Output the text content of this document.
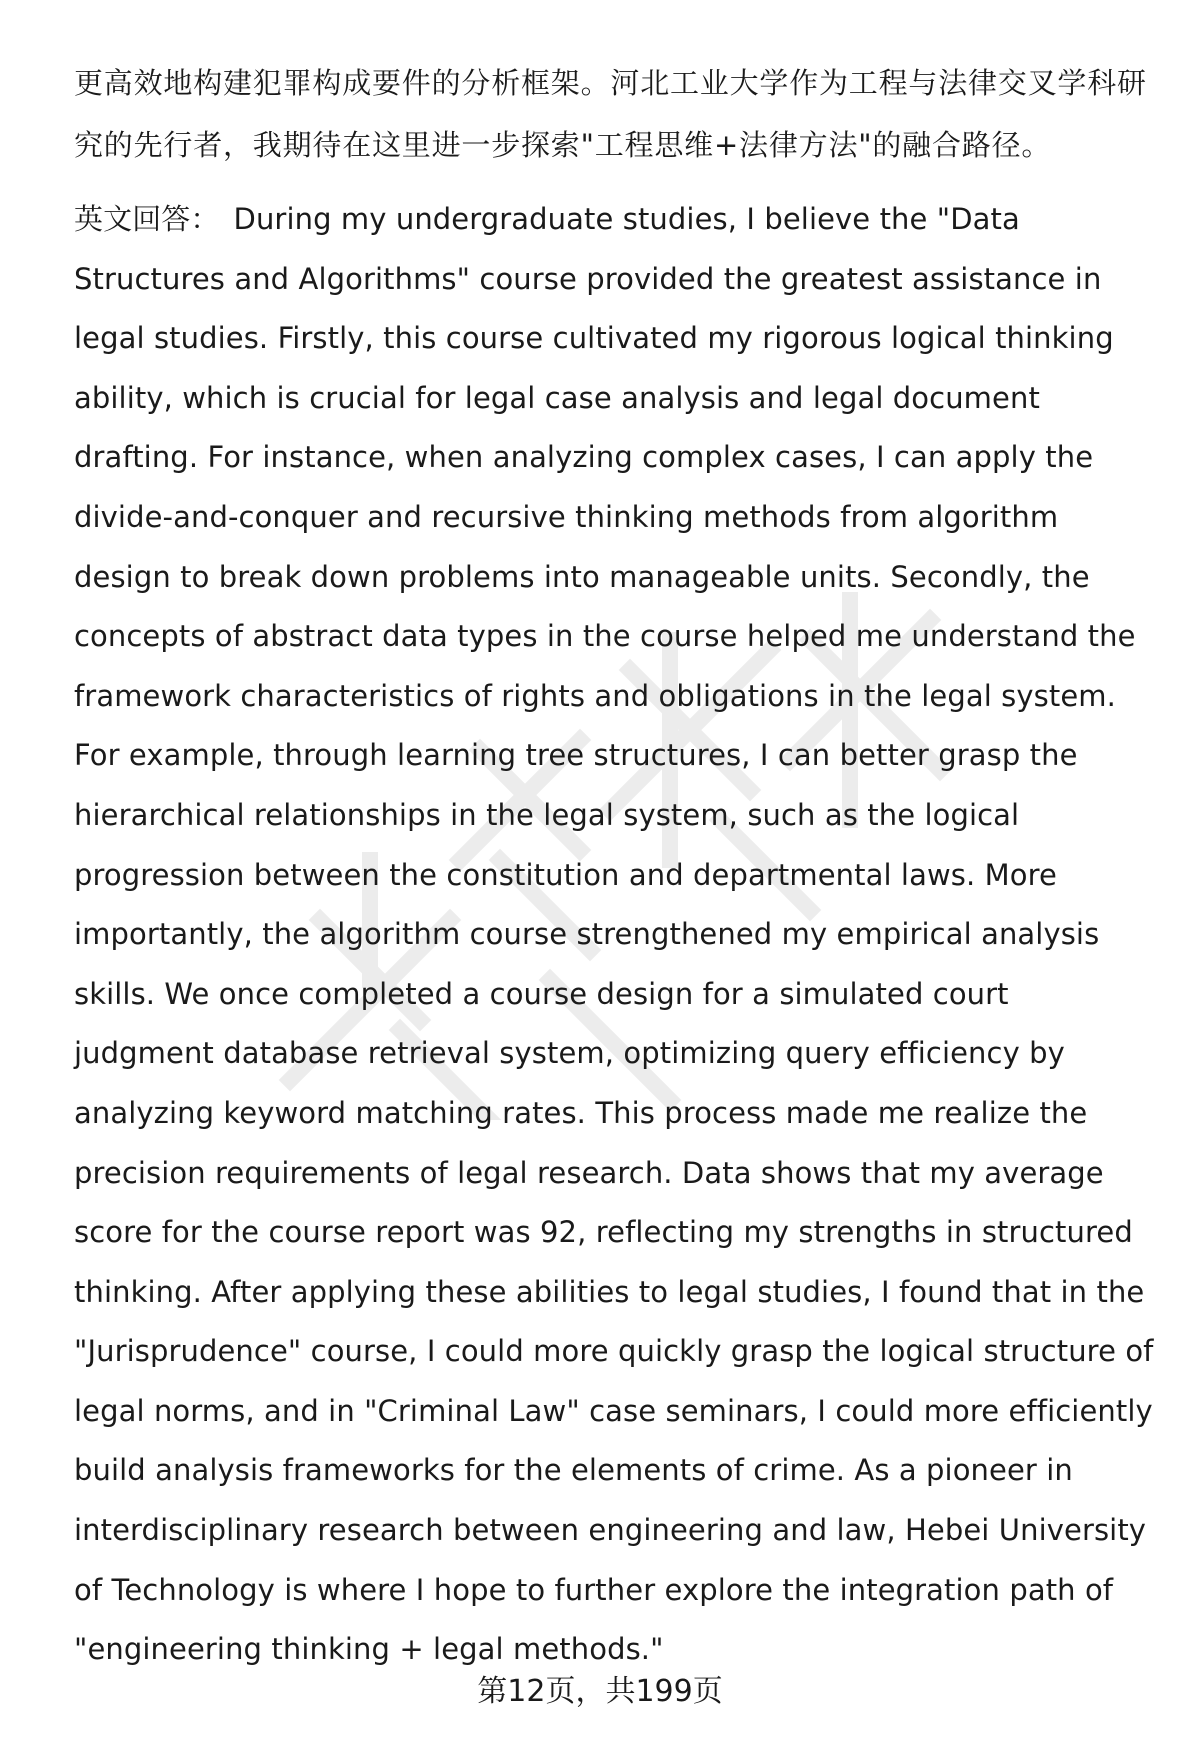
更高效地构建犯罪构成要件的分析框架。河北工业大学作为工程与法律交叉学科研究的先行者，我期待在这里进一步探索"工程思维+法律方法"的融合路径。

英文回答： During my undergraduate studies, I believe the "Data Structures and Algorithms" course provided the greatest assistance in legal studies. Firstly, this course cultivated my rigorous logical thinking ability, which is crucial for legal case analysis and legal document drafting. For instance, when analyzing complex cases, I can apply the divide-and-conquer and recursive thinking methods from algorithm design to break down problems into manageable units. Secondly, the concepts of abstract data types in the course helped me understand the framework characteristics of rights and obligations in the legal system. For example, through learning tree structures, I can better grasp the hierarchical relationships in the legal system, such as the logical progression between the constitution and departmental laws. More importantly, the algorithm course strengthened my empirical analysis skills. We once completed a course design for a simulated court judgment database retrieval system, optimizing query efficiency by analyzing keyword matching rates. This process made me realize the precision requirements of legal research. Data shows that my average score for the course report was 92, reflecting my strengths in structured thinking. After applying these abilities to legal studies, I found that in the "Jurisprudence" course, I could more quickly grasp the logical structure of legal norms, and in "Criminal Law" case seminars, I could more efficiently build analysis frameworks for the elements of crime. As a pioneer in interdisciplinary research between engineering and law, Hebei University of Technology is where I hope to further explore the integration path of "engineering thinking + legal methods."

第12页，共199页
